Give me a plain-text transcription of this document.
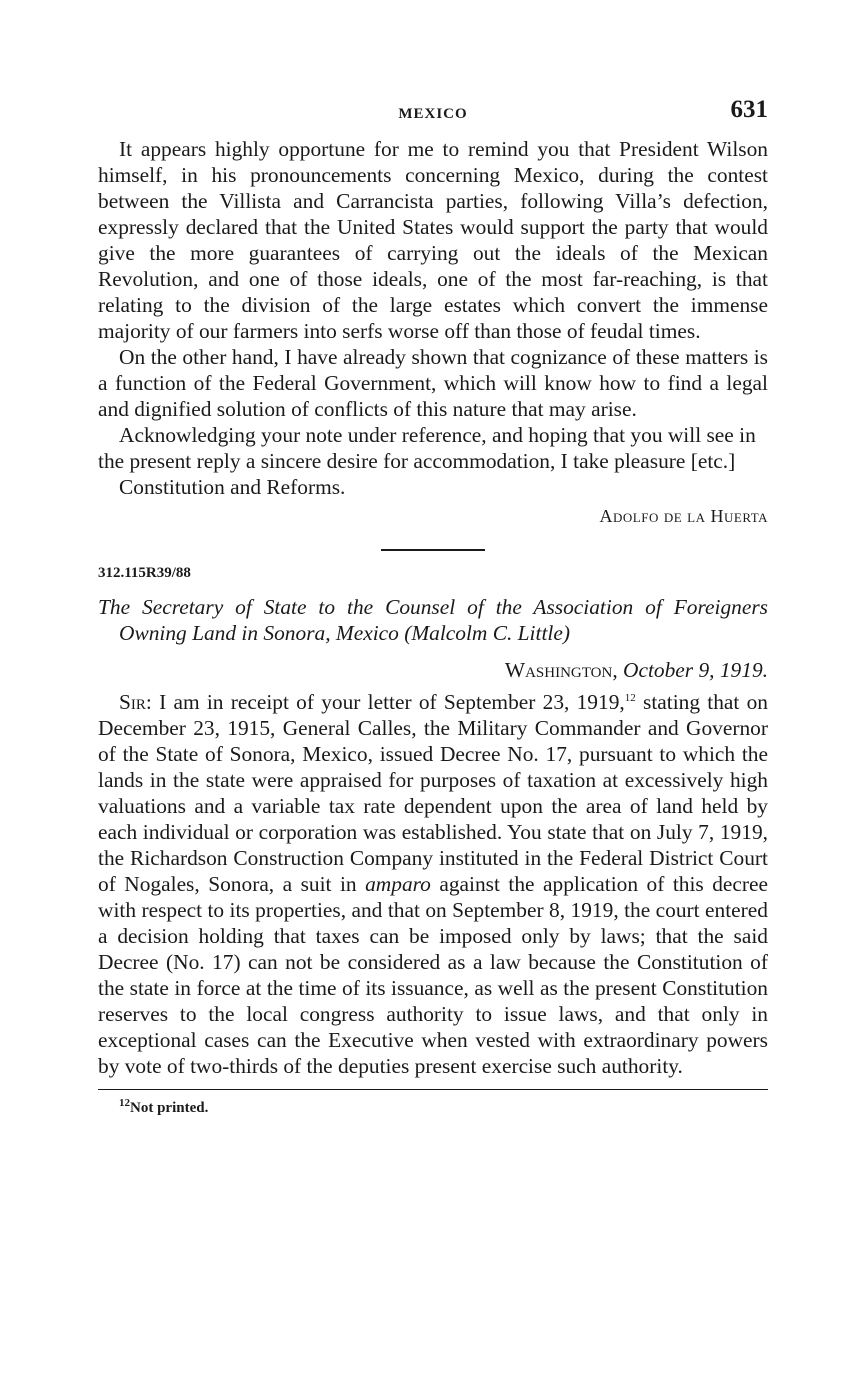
MEXICO	631

It appears highly opportune for me to remind you that President Wilson himself, in his pronouncements concerning Mexico, during the contest between the Villista and Carrancista parties, following Villa’s defection, expressly declared that the United States would support the party that would give the more guarantees of carrying out the ideals of the Mexican Revolution, and one of those ideals, one of the most far-reaching, is that relating to the division of the large estates which convert the immense majority of our farmers into serfs worse off than those of feudal times.

On the other hand, I have already shown that cognizance of these matters is a function of the Federal Government, which will know how to find a legal and dignified solution of conflicts of this nature that may arise.

Acknowledging your note under reference, and hoping that you will see in the present reply a sincere desire for accommodation, I take pleasure [etc.]

Constitution and Reforms.

Adolfo de la Huerta
312.115R39/88
The Secretary of State to the Counsel of the Association of Foreigners Owning Land in Sonora, Mexico (Malcolm C. Little)
Washington, October 9, 1919.

Sir: I am in receipt of your letter of September 23, 1919,12 stating that on December 23, 1915, General Calles, the Military Commander and Governor of the State of Sonora, Mexico, issued Decree No. 17, pursuant to which the lands in the state were appraised for purposes of taxation at excessively high valuations and a variable tax rate dependent upon the area of land held by each individual or corporation was established. You state that on July 7, 1919, the Richardson Construction Company instituted in the Federal District Court of Nogales, Sonora, a suit in amparo against the application of this decree with respect to its properties, and that on September 8, 1919, the court entered a decision holding that taxes can be imposed only by laws; that the said Decree (No. 17) can not be considered as a law because the Constitution of the state in force at the time of its issuance, as well as the present Constitution reserves to the local congress authority to issue laws, and that only in exceptional cases can the Executive when vested with extraordinary powers by vote of two-thirds of the deputies present exercise such authority.

$^{12}$Not printed.
